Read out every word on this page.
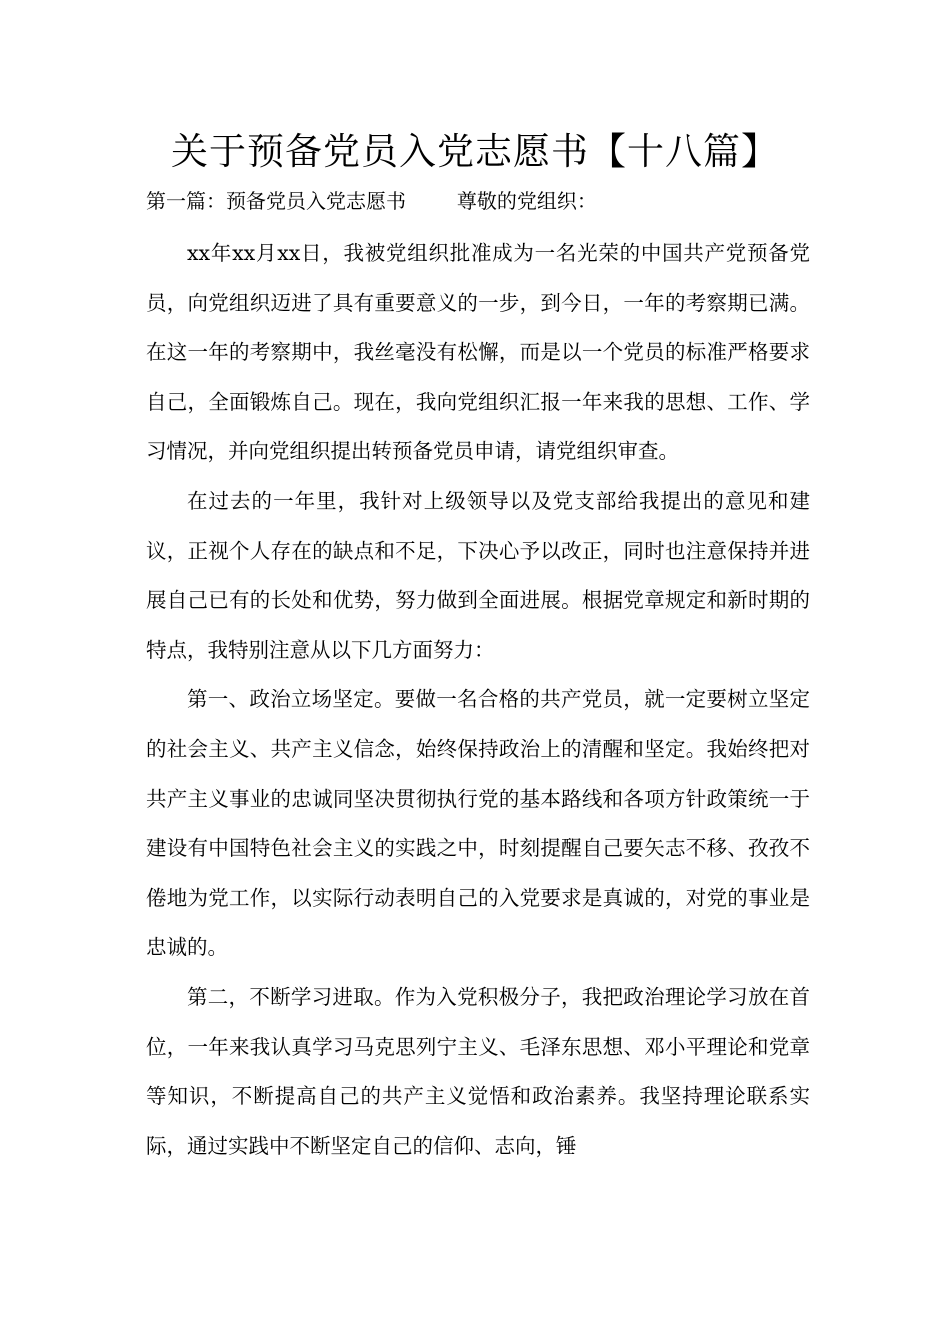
关于预备党员入党志愿书【十八篇】
第一篇：预备党员入党志愿书        尊敬的党组织：

xx年xx月xx日，我被党组织批准成为一名光荣的中国共产党预备党员，向党组织迈进了具有重要意义的一步，到今日，一年的考察期已满。在这一年的考察期中，我丝毫没有松懈，而是以一个党员的标准严格要求自己，全面锻炼自己。现在，我向党组织汇报一年来我的思想、工作、学习情况，并向党组织提出转预备党员申请，请党组织审查。

在过去的一年里，我针对上级领导以及党支部给我提出的意见和建议，正视个人存在的缺点和不足，下决心予以改正，同时也注意保持并进展自己已有的长处和优势，努力做到全面进展。根据党章规定和新时期的特点，我特别注意从以下几方面努力：

第一、政治立场坚定。要做一名合格的共产党员，就一定要树立坚定的社会主义、共产主义信念，始终保持政治上的清醒和坚定。我始终把对共产主义事业的忠诚同坚决贯彻执行党的基本路线和各项方针政策统一于建设有中国特色社会主义的实践之中，时刻提醒自己要矢志不移、孜孜不倦地为党工作，以实际行动表明自己的入党要求是真诚的，对党的事业是忠诚的。

第二，不断学习进取。作为入党积极分子，我把政治理论学习放在首位，一年来我认真学习马克思列宁主义、毛泽东思想、邓小平理论和党章等知识，不断提高自己的共产主义觉悟和政治素养。我坚持理论联系实际，通过实践中不断坚定自己的信仰、志向，锤
